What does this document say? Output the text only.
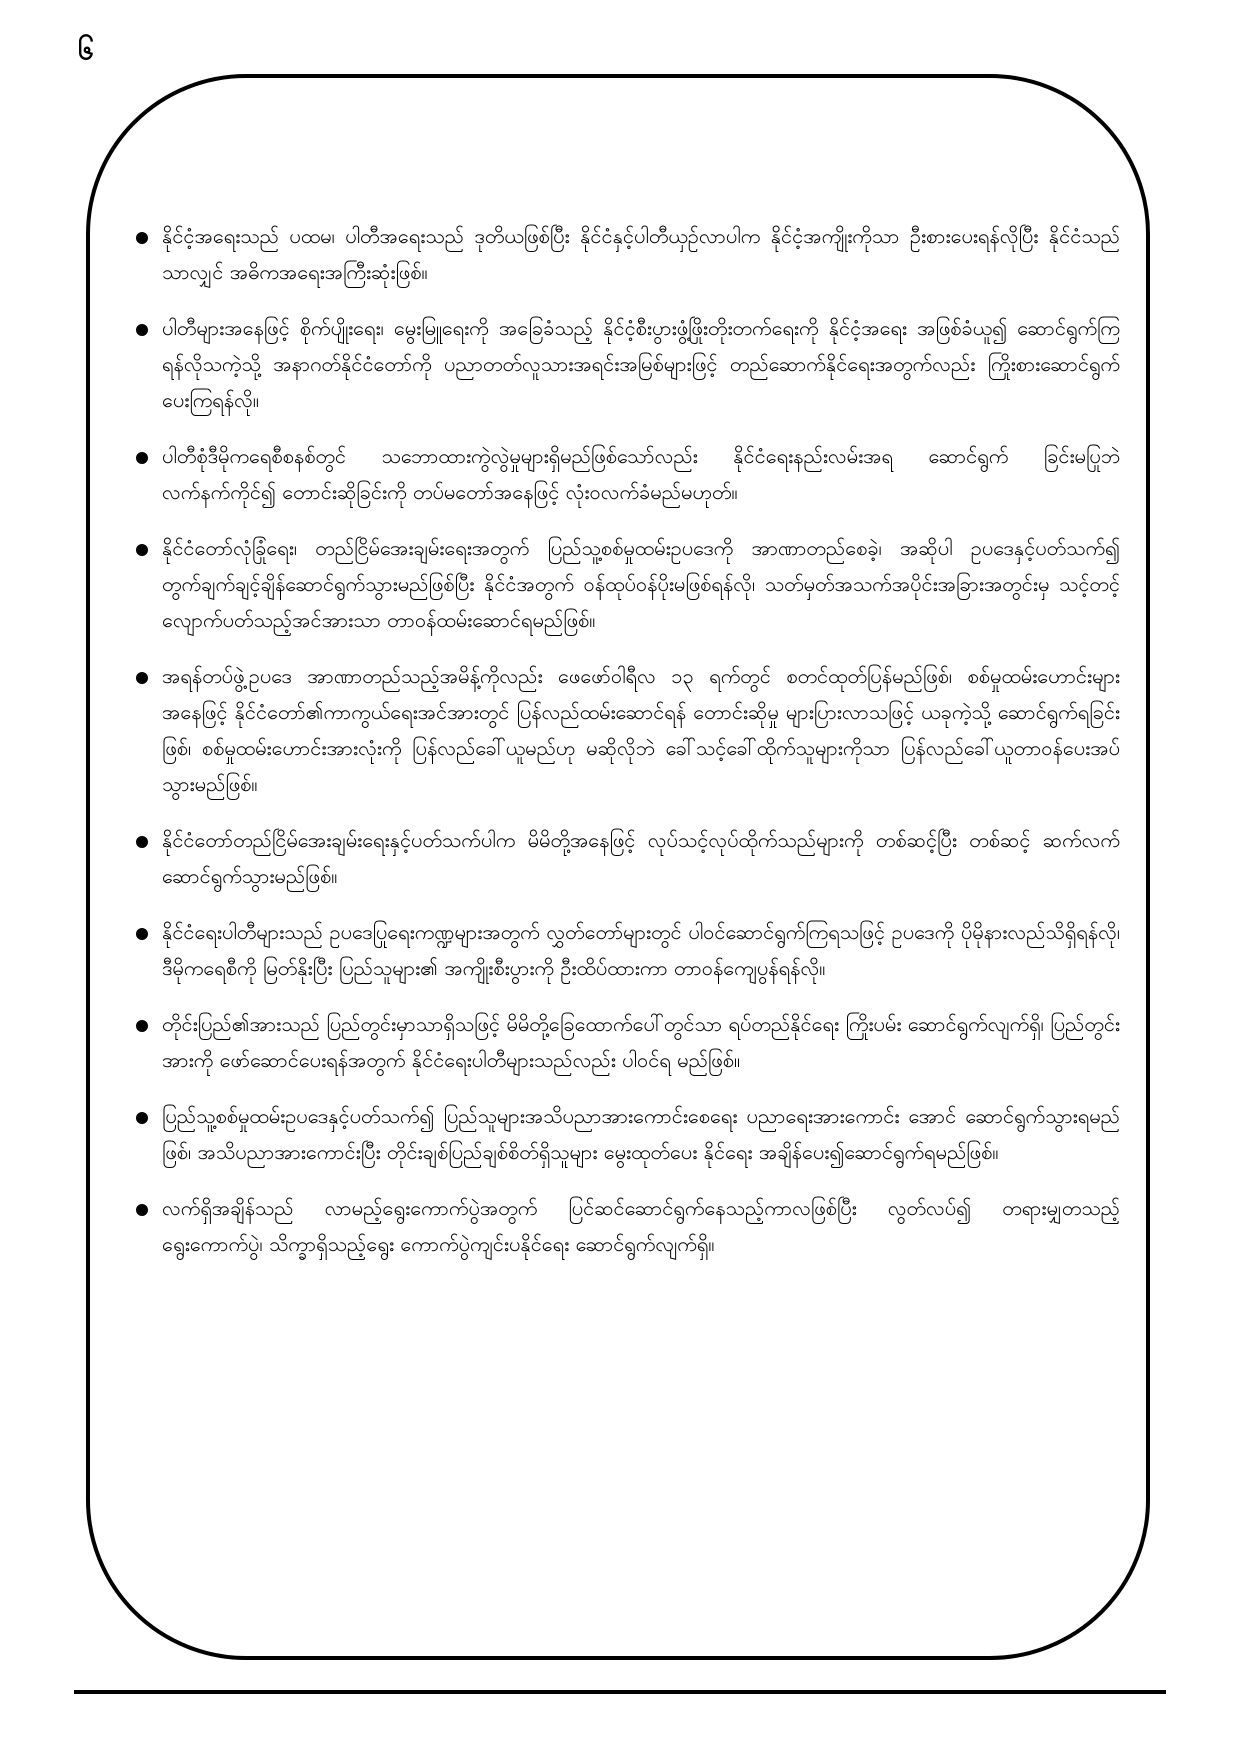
၆
နိုင်ငံ့အရေးသည် ပထမ၊ ပါတီအရေးသည် ဒုတိယဖြစ်ပြီး နိုင်ငံနှင့်ပါတီယှဉ်လာပါက နိုင်ငံ့အကျိုးကိုသာ ဦးစားပေးရန်လိုပြီး နိုင်ငံသည်သာလျှင် အဓိကအရေးအကြီးဆုံးဖြစ်။
ပါတီများအနေဖြင့် စိုက်ပျိုးရေး၊ မွေးမြူရေးကို အခြေခံသည့် နိုင်ငံ့စီးပွားဖွံ့ဖြိုးတိုးတက်ရေးကို နိုင်ငံ့အရေး အဖြစ်ခံယူ၍ ဆောင်ရွက်ကြရန်လိုသကဲ့သို့ အနာဂတ်နိုင်ငံတော်ကို ပညာတတ်လူသားအရင်းအမြစ်များဖြင့် တည်ဆောက်နိုင်ရေးအတွက်လည်း ကြိုးစားဆောင်ရွက်ပေးကြရန်လို။
ပါတီစုံဒီမိုကရေစီစနစ်တွင် သဘောထားကွဲလွဲမှုများရှိမည်ဖြစ်သော်လည်း နိုင်ငံရေးနည်းလမ်းအရ ဆောင်ရွက် ခြင်းမပြုဘဲ လက်နက်ကိုင်၍ တောင်းဆိုခြင်းကို တပ်မတော်အနေဖြင့် လုံးဝလက်ခံမည်မဟုတ်။
နိုင်ငံတော်လုံခြုံရေး၊ တည်ငြိမ်အေးချမ်းရေးအတွက် ပြည်သူ့စစ်မှုထမ်းဥပဒေကို အာဏာတည်စေခဲ့၊ အဆိုပါ ဥပဒေနှင့်ပတ်သက်၍ တွက်ချက်ချင့်ချိန်ဆောင်ရွက်သွားမည်ဖြစ်ပြီး နိုင်ငံအတွက် ဝန်ထုပ်ဝန်ပိုးမဖြစ်ရန်လို၊ သတ်မှတ်အသက်အပိုင်းအခြားအတွင်းမှ သင့်တင့်လျောက်ပတ်သည့်အင်အားသာ တာဝန်ထမ်းဆောင်ရမည်ဖြစ်။
အရန်တပ်ဖွဲ့ဥပဒေ အာဏာတည်သည့်အမိန့်ကိုလည်း ဖေဖော်ဝါရီလ ၁၃ ရက်တွင် စတင်ထုတ်ပြန်မည်ဖြစ်၊ စစ်မှုထမ်းဟောင်းများအနေဖြင့် နိုင်ငံတော်၏ကာကွယ်ရေးအင်အားတွင် ပြန်လည်ထမ်းဆောင်ရန် တောင်းဆိုမှု များပြားလာသဖြင့် ယခုကဲ့သို့ ဆောင်ရွက်ရခြင်းဖြစ်၊ စစ်မှုထမ်းဟောင်းအားလုံးကို ပြန်လည်ခေါ်ယူမည်ဟု မဆိုလိုဘဲ ခေါ်သင့်ခေါ်ထိုက်သူများကိုသာ ပြန်လည်ခေါ်ယူတာဝန်ပေးအပ်သွားမည်ဖြစ်။
နိုင်ငံတော်တည်ငြိမ်အေးချမ်းရေးနှင့်ပတ်သက်ပါက မိမိတို့အနေဖြင့် လုပ်သင့်လုပ်ထိုက်သည်များကို တစ်ဆင့်ပြီး တစ်ဆင့် ဆက်လက်ဆောင်ရွက်သွားမည်ဖြစ်။
နိုင်ငံရေးပါတီများသည် ဥပဒေပြုရေးကဏ္ဍများအတွက် လွှတ်တော်များတွင် ပါဝင်ဆောင်ရွက်ကြရသဖြင့် ဥပဒေကို ပိုမိုနားလည်သိရှိရန်လို၊ ဒီမိုကရေစီကို မြတ်နိုးပြီး ပြည်သူများ၏ အကျိုးစီးပွားကို ဦးထိပ်ထားကာ တာဝန်ကျေပွန်ရန်လို။
တိုင်းပြည်၏အားသည် ပြည်တွင်းမှာသာရှိသဖြင့် မိမိတို့ခြေထောက်ပေါ်တွင်သာ ရပ်တည်နိုင်ရေး ကြိုးပမ်း ဆောင်ရွက်လျက်ရှိ၊ ပြည်တွင်းအားကို ဖော်ဆောင်ပေးရန်အတွက် နိုင်ငံရေးပါတီများသည်လည်း ပါဝင်ရ မည်ဖြစ်။
ပြည်သူ့စစ်မှုထမ်းဥပဒေနှင့်ပတ်သက်၍ ပြည်သူများအသိပညာအားကောင်းစေရေး ပညာရေးအားကောင်း အောင် ဆောင်ရွက်သွားရမည်ဖြစ်၊ အသိပညာအားကောင်းပြီး တိုင်းချစ်ပြည်ချစ်စိတ်ရှိသူများ မွေးထုတ်ပေး နိုင်ရေး အချိန်ပေး၍ဆောင်ရွက်ရမည်ဖြစ်။
လက်ရှိအချိန်သည် လာမည့်ရွေးကောက်ပွဲအတွက် ပြင်ဆင်ဆောင်ရွက်နေသည့်ကာလဖြစ်ပြီး လွတ်လပ်၍ တရားမျှတသည့်ရွေးကောက်ပွဲ၊ သိက္ခာရှိသည့်ရွေး ကောက်ပွဲကျင်းပနိုင်ရေး ဆောင်ရွက်လျက်ရှိ။
